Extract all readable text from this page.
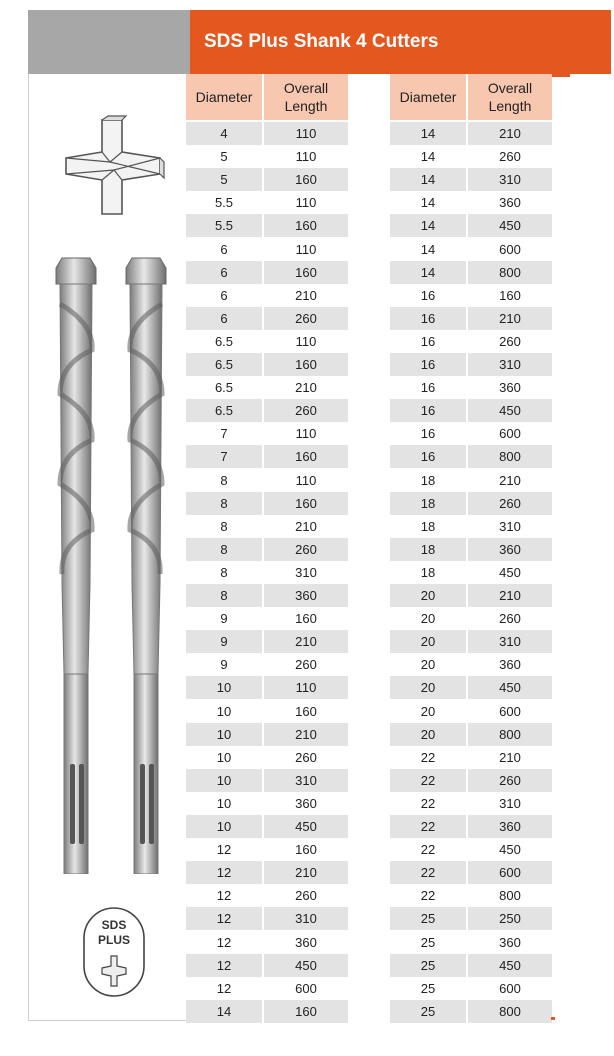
SDS Plus Shank 4 Cutters
SDS
PLUS
Diameter
Overall
Length
4	110
5	110
5	160
5.5	110
5.5	160
6	110
6	160
6	210
6	260
6.5	110
6.5	160
6.5	210
6.5	260
7	110
7	160
8	110
8	160
8	210
8	260
8	310
8	360
9	160
9	210
9	260
10	110
10	160
10	210
10	260
10	310
10	360
10	450
12	160
12	210
12	260
12	310
12	360
12	450
12	600
14	160
Diameter
Overall
Length
14	210
14	260
14	310
14	360
14	450
14	600
14	800
16	160
16	210
16	260
16	310
16	360
16	450
16	600
16	800
18	210
18	260
18	310
18	360
18	450
20	210
20	260
20	310
20	360
20	450
20	600
20	800
22	210
22	260
22	310
22	360
22	450
22	600
22	800
25	250
25	360
25	450
25	600
25	800
